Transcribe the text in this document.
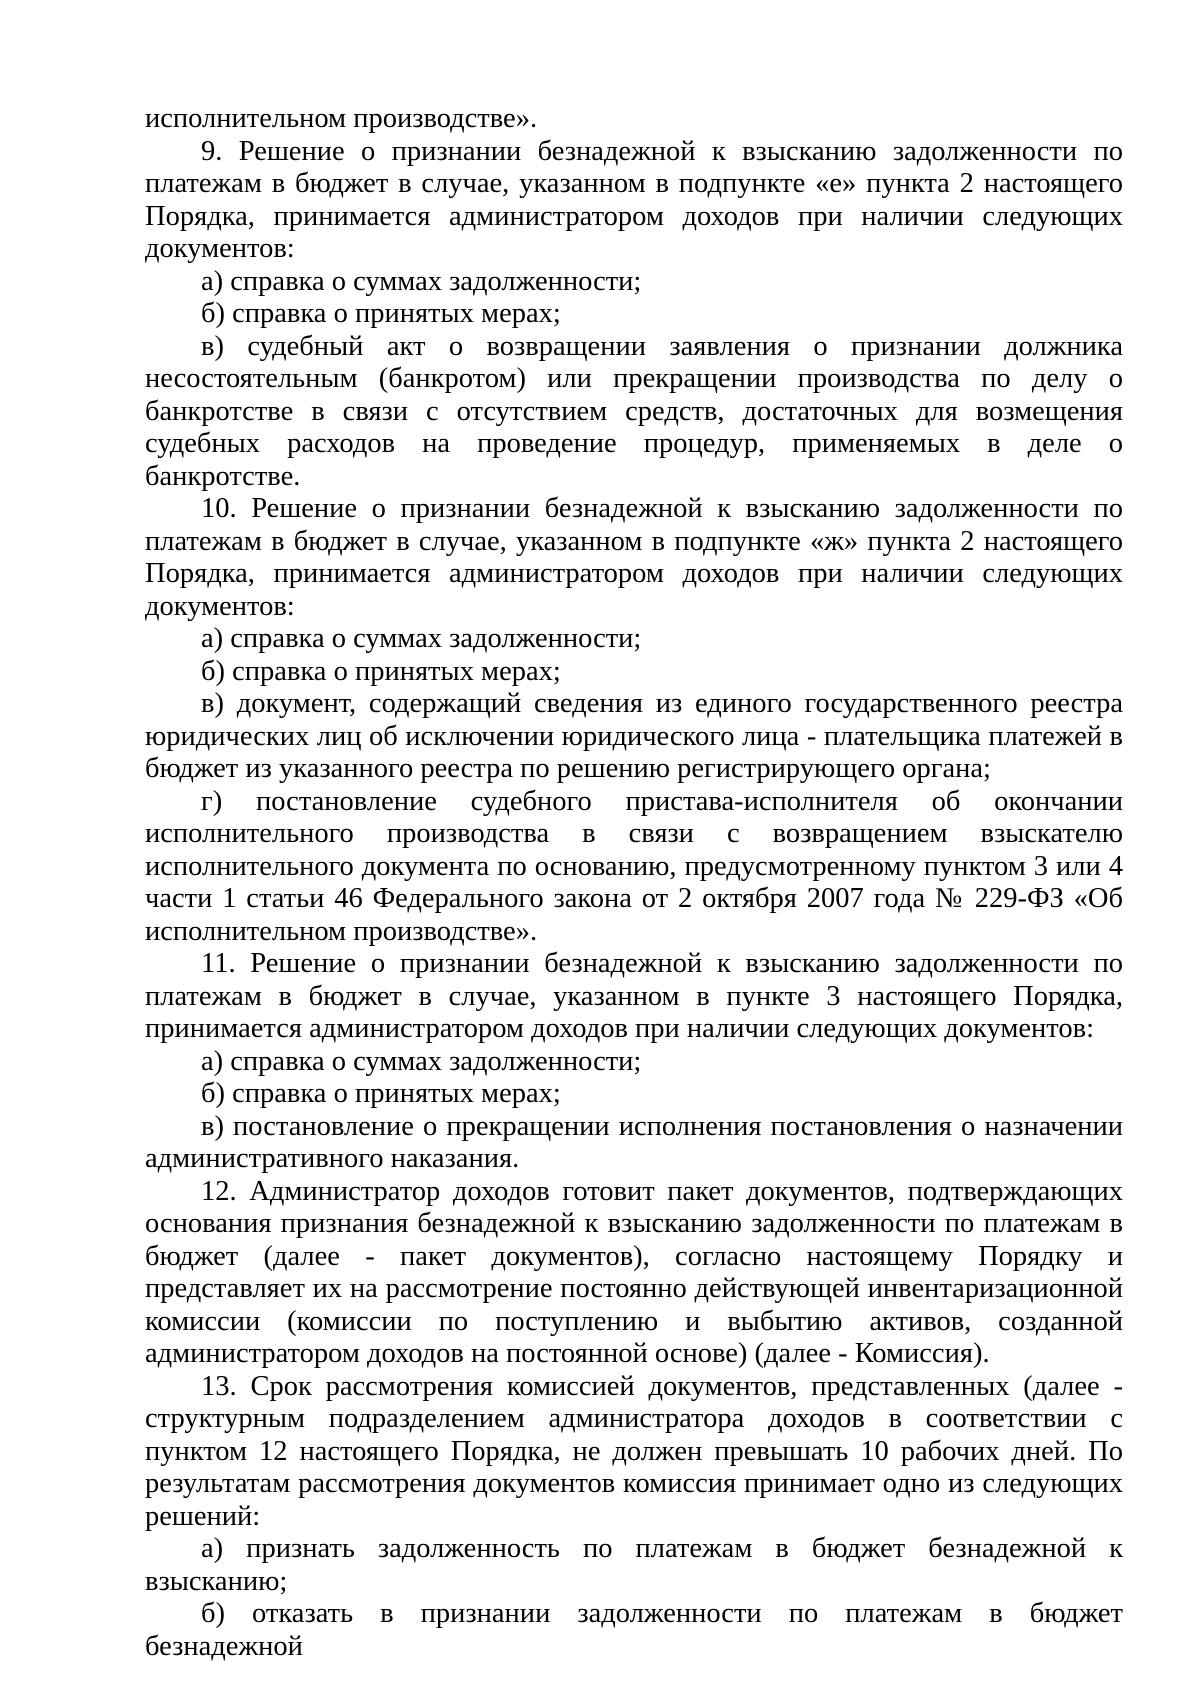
исполнительном производстве».

9. Решение о признании безнадежной к взысканию задолженности по платежам в бюджет в случае, указанном в подпункте «е» пункта 2 настоящего Порядка, принимается администратором доходов при наличии следующих документов:

а) справка о суммах задолженности;

б) справка о принятых мерах;

в) судебный акт о возвращении заявления о признании должника несостоятельным (банкротом) или прекращении производства по делу о банкротстве в связи с отсутствием средств, достаточных для возмещения судебных расходов на проведение процедур, применяемых в деле о банкротстве.

10. Решение о признании безнадежной к взысканию задолженности по платежам в бюджет в случае, указанном в подпункте «ж» пункта 2 настоящего Порядка, принимается администратором доходов при наличии следующих документов:

а) справка о суммах задолженности;

б) справка о принятых мерах;

в) документ, содержащий сведения из единого государственного реестра юридических лиц об исключении юридического лица - плательщика платежей в бюджет из указанного реестра по решению регистрирующего органа;

г) постановление судебного пристава-исполнителя об окончании исполнительного производства в связи с возвращением взыскателю исполнительного документа по основанию, предусмотренному пунктом 3 или 4 части 1 статьи 46 Федерального закона от 2 октября 2007 года № 229-ФЗ «Об исполнительном производстве».

11. Решение о признании безнадежной к взысканию задолженности по платежам в бюджет в случае, указанном в пункте 3 настоящего Порядка, принимается администратором доходов при наличии следующих документов:

а) справка о суммах задолженности;

б) справка о принятых мерах;

в) постановление о прекращении исполнения постановления о назначении административного наказания.

12. Администратор доходов готовит пакет документов, подтверждающих основания признания безнадежной к взысканию задолженности по платежам в бюджет (далее - пакет документов), согласно настоящему Порядку и представляет их на рассмотрение постоянно действующей инвентаризационной комиссии (комиссии по поступлению и выбытию активов, созданной администратором доходов на постоянной основе) (далее - Комиссия).

13. Срок рассмотрения комиссией документов, представленных (далее - структурным подразделением администратора доходов в соответствии с пунктом 12 настоящего Порядка, не должен превышать 10 рабочих дней. По результатам рассмотрения документов комиссия принимает одно из следующих решений:

а) признать задолженность по платежам в бюджет безнадежной к взысканию;

б) отказать в признании задолженности по платежам в бюджет безнадежной
